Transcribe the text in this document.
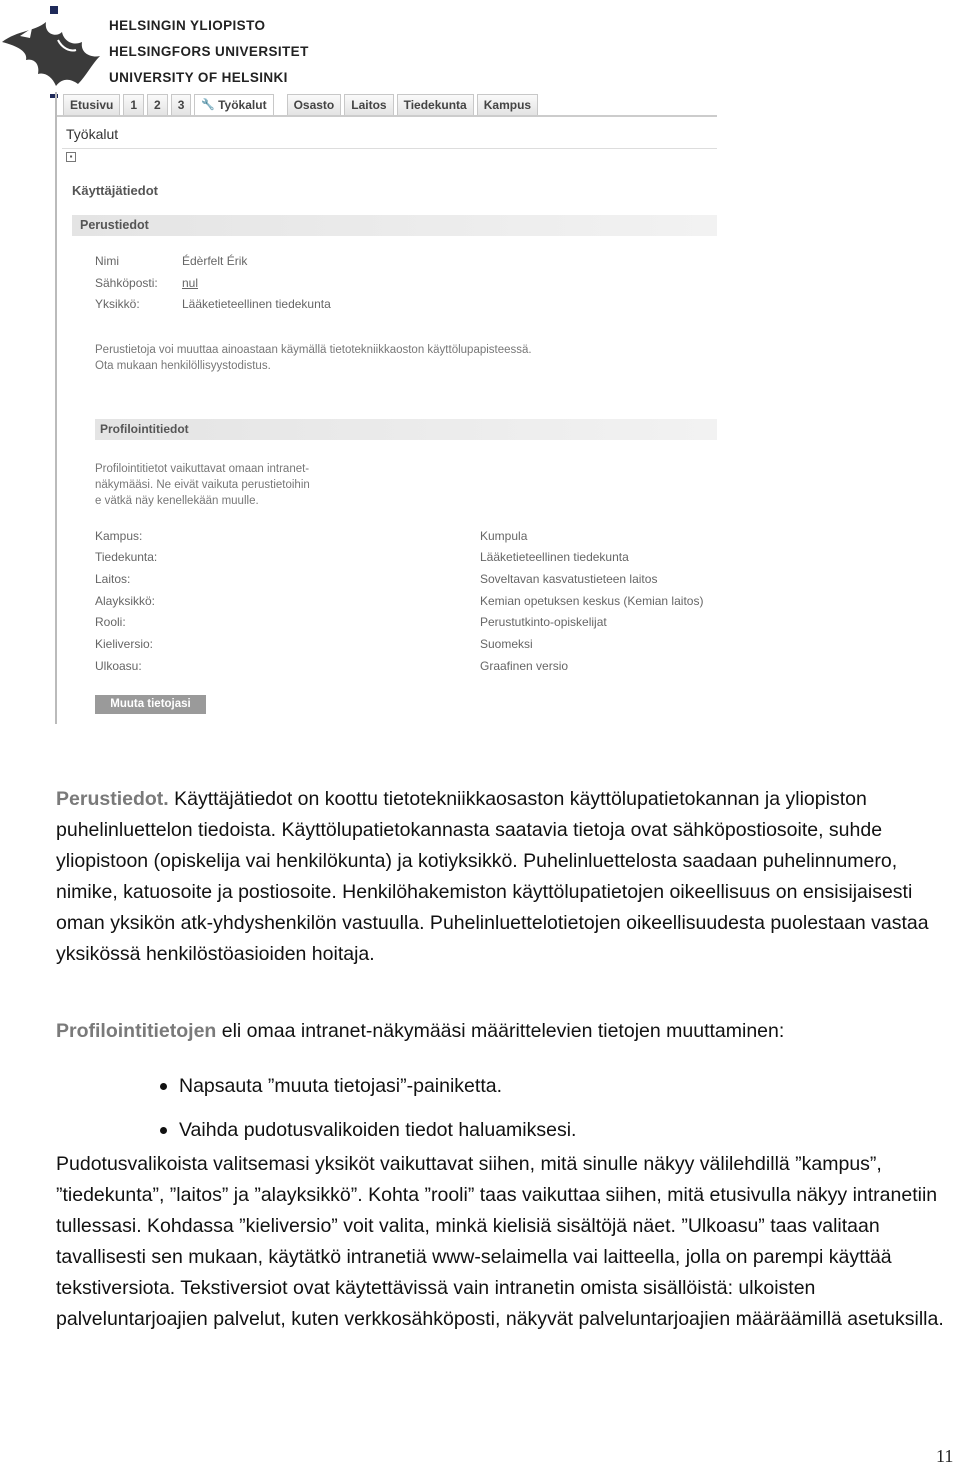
HELSINGIN YLIOPISTO
HELSINGFORS UNIVERSITET
UNIVERSITY OF HELSINKI
Etusivu	1	2	3	🔧 Työkalut	Osasto	Laitos	Tiedekunta	Kampus
Työkalut
▪
Käyttäjätiedot
Perustiedot
Nimi	Édèrfelt Érik
Sähköposti: nul
Yksikkö:	Lääketieteellinen tiedekunta
Perustietoja voi muuttaa ainoastaan käymällä tietotekniikkaoston käyttölupapisteessä.
Ota mukaan henkilöllisyystodistus.
Profilointitiedot
Profilointitietot vaikuttavat omaan intranet-
näkymääsi. Ne eivät vaikuta perustietoihin
e vätkä näy kenellekään muulle.
Kampus:	Kumpula
Tiedekunta:	Lääketieteellinen tiedekunta
Laitos:	Soveltavan kasvatustieteen laitos
Alayksikkö:	Kemian opetuksen keskus (Kemian laitos)
Rooli:	Perustutkinto-opiskelijat
Kieliversio:	Suomeksi
Ulkoasu:	Graafinen versio
Muuta tietojasi
Perustiedot. Käyttäjätiedot on koottu tietotekniikkaosaston käyttölupatietokannan ja yliopiston puhelinluettelon tiedoista. Käyttölupatietokannasta saatavia tietoja ovat sähköpostiosoite, suhde yliopistoon (opiskelija vai henkilökunta) ja kotiyksikkö. Puhelinluettelosta saadaan puhelinnumero, nimike, katuosoite ja postiosoite. Henkilöhakemiston käyttölupatietojen oikeellisuus on ensisijaisesti oman yksikön atk-yhdyshenkilön vastuulla. Puhelinluettelotietojen oikeellisuudesta puolestaan vastaa yksikössä henkilöstöasioiden hoitaja.
Profilointitietojen eli omaa intranet-näkymääsi määrittelevien tietojen muuttaminen:
Napsauta ”muuta tietojasi”-painiketta.
Vaihda pudotusvalikoiden tiedot haluamiksesi.
Pudotusvalikoista valitsemasi yksiköt vaikuttavat siihen, mitä sinulle näkyy välilehdillä ”kampus”, ”tiedekunta”, ”laitos” ja ”alayksikkö”. Kohta ”rooli” taas vaikuttaa siihen, mitä etusivulla näkyy intranetiin tullessasi. Kohdassa ”kieliversio” voit valita, minkä kielisiä sisältöjä näet. ”Ulkoasu” taas valitaan tavallisesti sen mukaan, käytätkö intranetiä www-selaimella vai laitteella, jolla on parempi käyttää tekstiversiota. Tekstiversiot ovat käytettävissä vain intranetin omista sisällöistä: ulkoisten palveluntarjoajien palvelut, kuten verkkosähköposti, näkyvät palveluntarjoajien määräämillä asetuksilla.
11
